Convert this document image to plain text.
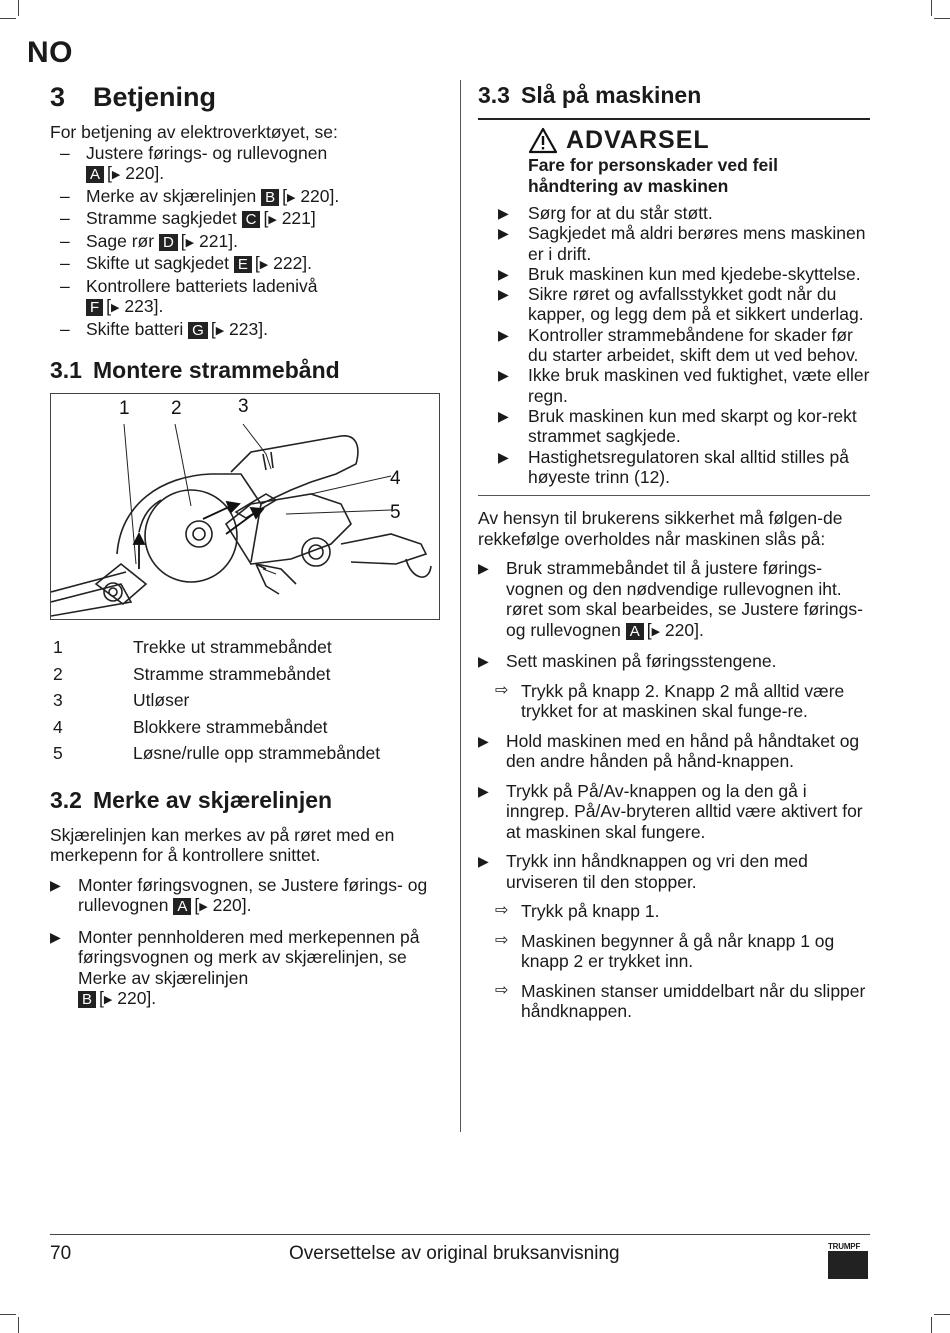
NO
3	Betjening

For betjening av elektroverktøyet, se:

– Justere førings- og rullevognen
A [▶ 220].
– Merke av skjærelinjen B [▶ 220].
– Stramme sagkjedet C [▶ 221]
– Sage rør D [▶ 221].
– Skifte ut sagkjedet E [▶ 222].
– Kontrollere batteriets ladenivå
F [▶ 223].
– Skifte batteri G [▶ 223].
3.1 Montere strammebånd
1 2	3
4
5
1	Trekke ut strammebåndet
2	Stramme strammebåndet
3	Utløser
4	Blokkere strammebåndet
5	Løsne/rulle opp strammebåndet
3.2 Merke av skjærelinjen

Skjærelinjen kan merkes av på røret med en merkepenn for å kontrollere snittet.

▶ Monter føringsvognen, se Justere førings- og rullevognen A [▶ 220].
▶ Monter pennholderen med merkepennen på føringsvognen og merk av skjærelinjen, se Merke av skjærelinjen
B [▶ 220].
3.3 Slå på maskinen
ADVARSEL
Fare for personskader ved feil håndtering av maskinen
▶	Sørg for at du står støtt.
▶	Sagkjedet må aldri berøres mens maskinen er i drift.
▶	Bruk maskinen kun med kjedebe-skyttelse.
▶	Sikre røret og avfallsstykket godt når du kapper, og legg dem på et sikkert underlag.
▶	Kontroller strammebåndene for skader før du starter arbeidet, skift dem ut ved behov.
▶	Ikke bruk maskinen ved fuktighet, væte eller regn.
▶	Bruk maskinen kun med skarpt og kor-rekt strammet sagkjede.
▶	Hastighetsregulatoren skal alltid stilles på høyeste trinn (12).

Av hensyn til brukerens sikkerhet må følgen-de rekkefølge overholdes når maskinen slås på:

▶ Bruk strammebåndet til å justere førings-vognen og den nødvendige rullevognen iht. røret som skal bearbeides, se Justere førings- og rullevognen A [▶ 220].
▶ Sett maskinen på føringsstengene.
⇨ Trykk på knapp 2. Knapp 2 må alltid være trykket for at maskinen skal funge-re.
▶ Hold maskinen med en hånd på håndtaket og den andre hånden på hånd-knappen.
▶ Trykk på På/Av-knappen og la den gå i inngrep. På/Av-bryteren alltid være aktivert for at maskinen skal fungere.
▶ Trykk inn håndknappen og vri den med urviseren til den stopper.
⇨ Trykk på knapp 1.
⇨ Maskinen begynner å gå når knapp 1 og knapp 2 er trykket inn.
⇨ Maskinen stanser umiddelbart når du slipper håndknappen.
70	Oversettelse av original bruksanvisning	TRUMPF
